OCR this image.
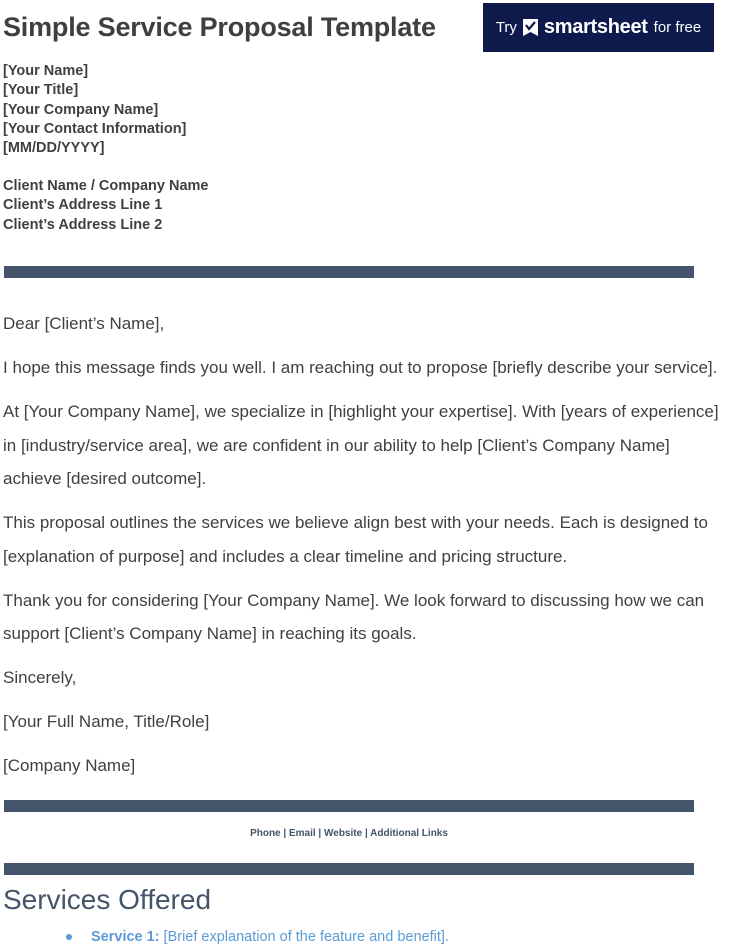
Simple Service Proposal Template	Try smartsheet for free
[Your Name]
[Your Title]
[Your Company Name]
[Your Contact Information]
[MM/DD/YYYY]
Client Name / Company Name
Client’s Address Line 1
Client’s Address Line 2

Dear [Client’s Name],

I hope this message finds you well. I am reaching out to propose [briefly describe your service].

At [Your Company Name], we specialize in [highlight your expertise]. With [years of experience] in [industry/service area], we are confident in our ability to help [Client’s Company Name] achieve [desired outcome].

This proposal outlines the services we believe align best with your needs. Each is designed to [explanation of purpose] and includes a clear timeline and pricing structure.

Thank you for considering [Your Company Name]. We look forward to discussing how we can support [Client’s Company Name] in reaching its goals.

Sincerely,

[Your Full Name, Title/Role]

[Company Name]

Phone | Email | Website | Additional Links
Services Offered
Service 1: [Brief explanation of the feature and benefit].
